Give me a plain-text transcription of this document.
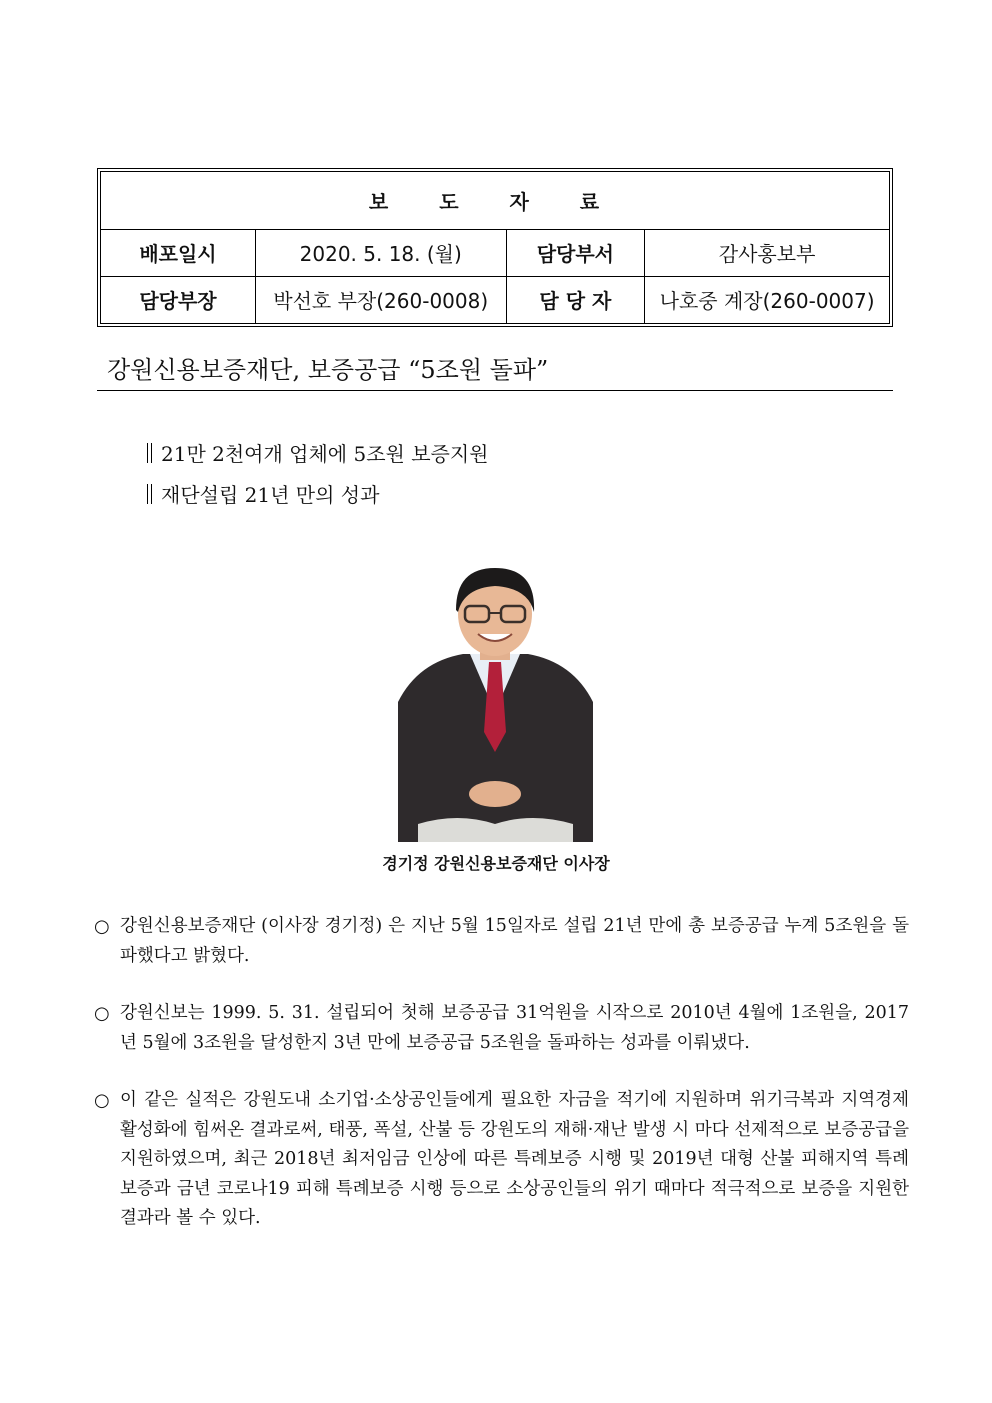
보 도 자 료			
배포일시	2020. 5. 18. (월)	담당부서	감사홍보부
담당부장	박선호 부장(260-0008)	담 당 자	나호중 계장(260-0007)
강원신용보증재단, 보증공급 “5조원 돌파”
21만 2천여개 업체에 5조원 보증지원
재단설립 21년 만의 성과
경기정 강원신용보증재단 이사장
○ 강원신용보증재단 (이사장 경기정) 은 지난 5월 15일자로 설립 21년 만에 총 보증공급 누계 5조원을 돌파했다고 밝혔다.
○ 강원신보는 1999. 5. 31. 설립되어 첫해 보증공급 31억원을 시작으로 2010년 4월에 1조원을, 2017년 5월에 3조원을 달성한지 3년 만에 보증공급 5조원을 돌파하는 성과를 이뤄냈다.
○ 이 같은 실적은 강원도내 소기업·소상공인들에게 필요한 자금을 적기에 지원하며 위기극복과 지역경제 활성화에 힘써온 결과로써, 태풍, 폭설, 산불 등 강원도의 재해·재난 발생 시 마다 선제적으로 보증공급을 지원하였으며, 최근 2018년 최저임금 인상에 따른 특례보증 시행 및 2019년 대형 산불 피해지역 특례보증과 금년 코로나19 피해 특례보증 시행 등으로 소상공인들의 위기 때마다 적극적으로 보증을 지원한 결과라 볼 수 있다.
